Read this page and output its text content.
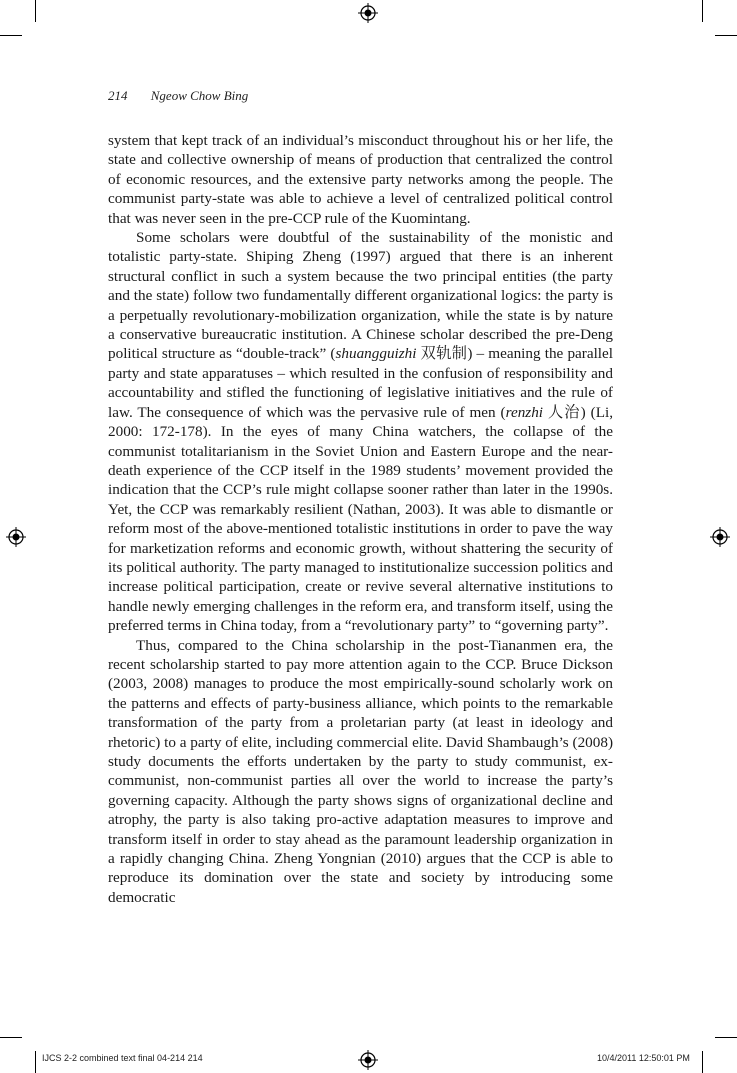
214 Ngeow Chow Bing

system that kept track of an individual’s misconduct throughout his or her life, the state and collective ownership of means of production that centralized the control of economic resources, and the extensive party networks among the people. The communist party-state was able to achieve a level of centralized political control that was never seen in the pre-CCP rule of the Kuomintang.

Some scholars were doubtful of the sustainability of the monistic and totalistic party-state. Shiping Zheng (1997) argued that there is an inherent structural conflict in such a system because the two principal entities (the party and the state) follow two fundamentally different organizational logics: the party is a perpetually revolutionary-mobilization organization, while the state is by nature a conservative bureaucratic institution. A Chinese scholar described the pre-Deng political structure as “double-track” (shuangguizhi 双轨制) – meaning the parallel party and state apparatuses – which resulted in the confusion of responsibility and accountability and stifled the functioning of legislative initiatives and the rule of law. The consequence of which was the pervasive rule of men (renzhi 人治) (Li, 2000: 172-178). In the eyes of many China watchers, the collapse of the communist totalitarianism in the Soviet Union and Eastern Europe and the near-death experience of the CCP itself in the 1989 students’ movement provided the indication that the CCP’s rule might collapse sooner rather than later in the 1990s. Yet, the CCP was remarkably resilient (Nathan, 2003). It was able to dismantle or reform most of the above-mentioned totalistic institutions in order to pave the way for marketization reforms and economic growth, without shattering the security of its political authority. The party managed to institutionalize succession politics and increase political participation, create or revive several alternative institutions to handle newly emerging challenges in the reform era, and transform itself, using the preferred terms in China today, from a “revolutionary party” to “governing party”.

Thus, compared to the China scholarship in the post-Tiananmen era, the recent scholarship started to pay more attention again to the CCP. Bruce Dickson (2003, 2008) manages to produce the most empirically-sound scholarly work on the patterns and effects of party-business alliance, which points to the remarkable transformation of the party from a proletarian party (at least in ideology and rhetoric) to a party of elite, including commercial elite. David Shambaugh’s (2008) study documents the efforts undertaken by the party to study communist, ex-communist, non-communist parties all over the world to increase the party’s governing capacity. Although the party shows signs of organizational decline and atrophy, the party is also taking pro-active adaptation measures to improve and transform itself in order to stay ahead as the paramount leadership organization in a rapidly changing China. Zheng Yongnian (2010) argues that the CCP is able to reproduce its domination over the state and society by introducing some democratic

IJCS 2-2 combined text final 04-214 214	10/4/2011 12:50:01 PM
